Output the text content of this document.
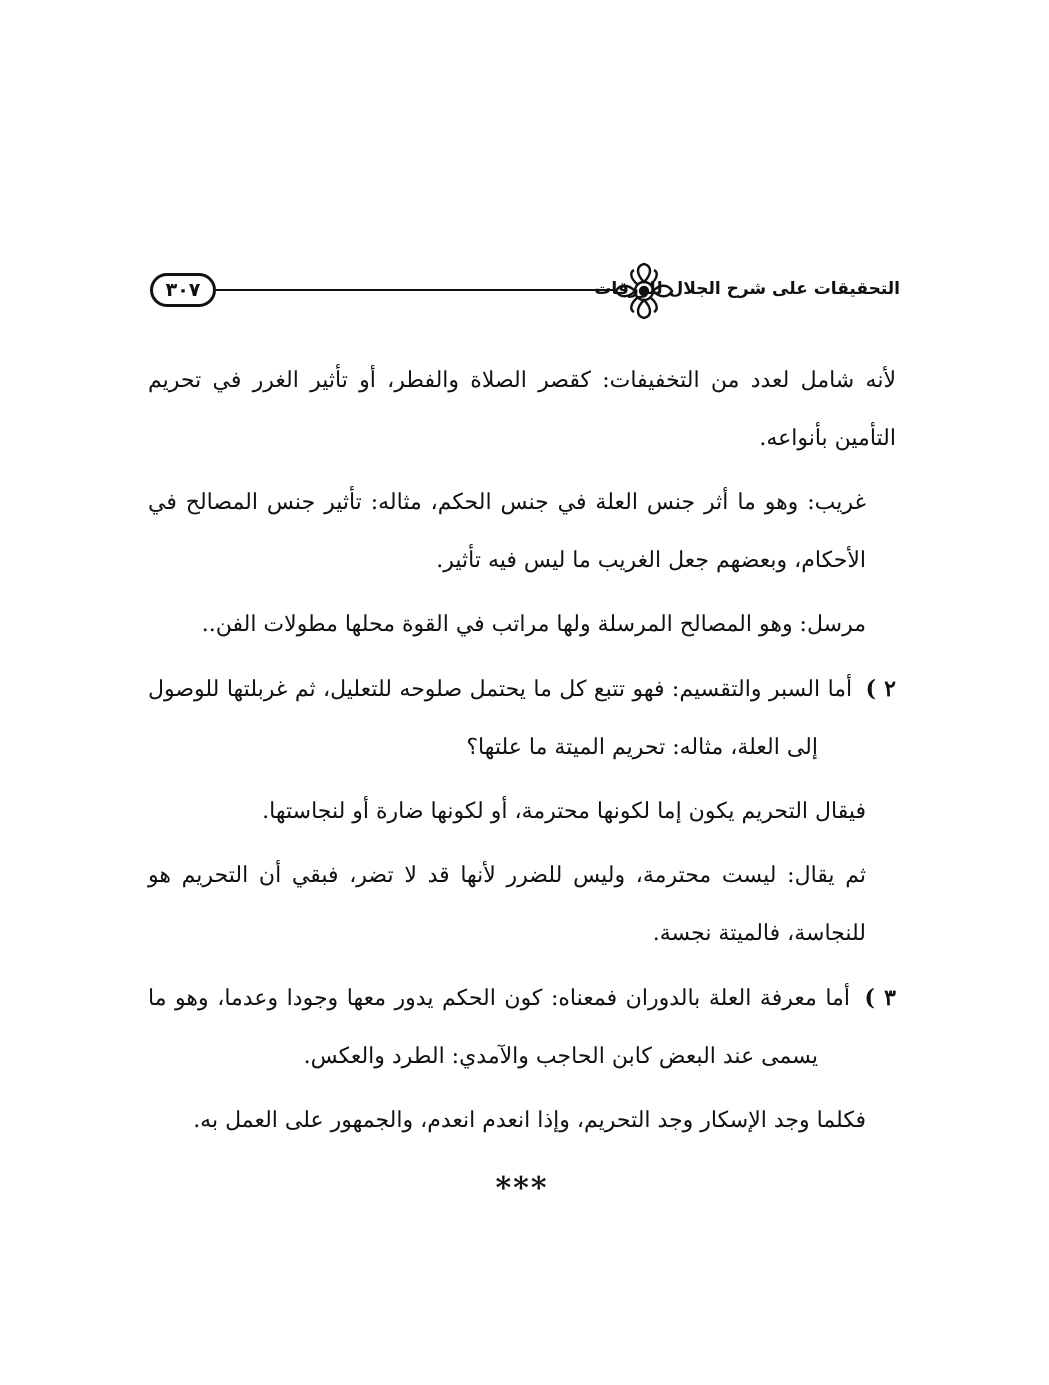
٣٠٧	التحقيقات على شرح الجلال للورقات

لأنه شامل لعدد من التخفيفات: كقصر الصلاة والفطر، أو تأثير الغرر في تحريم التأمين بأنواعه.

غريب: وهو ما أثر جنس العلة في جنس الحكم، مثاله: تأثير جنس المصالح في الأحكام، وبعضهم جعل الغريب ما ليس فيه تأثير.

مرسل: وهو المصالح المرسلة ولها مراتب في القوة محلها مطولات الفن..

٢ ) أما السبر والتقسيم: فهو تتبع كل ما يحتمل صلوحه للتعليل، ثم غربلتها للوصول إلى العلة، مثاله: تحريم الميتة ما علتها؟

فيقال التحريم يكون إما لكونها محترمة، أو لكونها ضارة أو لنجاستها.

ثم يقال: ليست محترمة، وليس للضرر لأنها قد لا تضر، فبقي أن التحريم هو للنجاسة، فالميتة نجسة.

٣ ) أما معرفة العلة بالدوران فمعناه: كون الحكم يدور معها وجودا وعدما، وهو ما يسمى عند البعض كابن الحاجب والآمدي: الطرد والعكس.

فكلما وجد الإسكار وجد التحريم، وإذا انعدم انعدم، والجمهور على العمل به.

***
